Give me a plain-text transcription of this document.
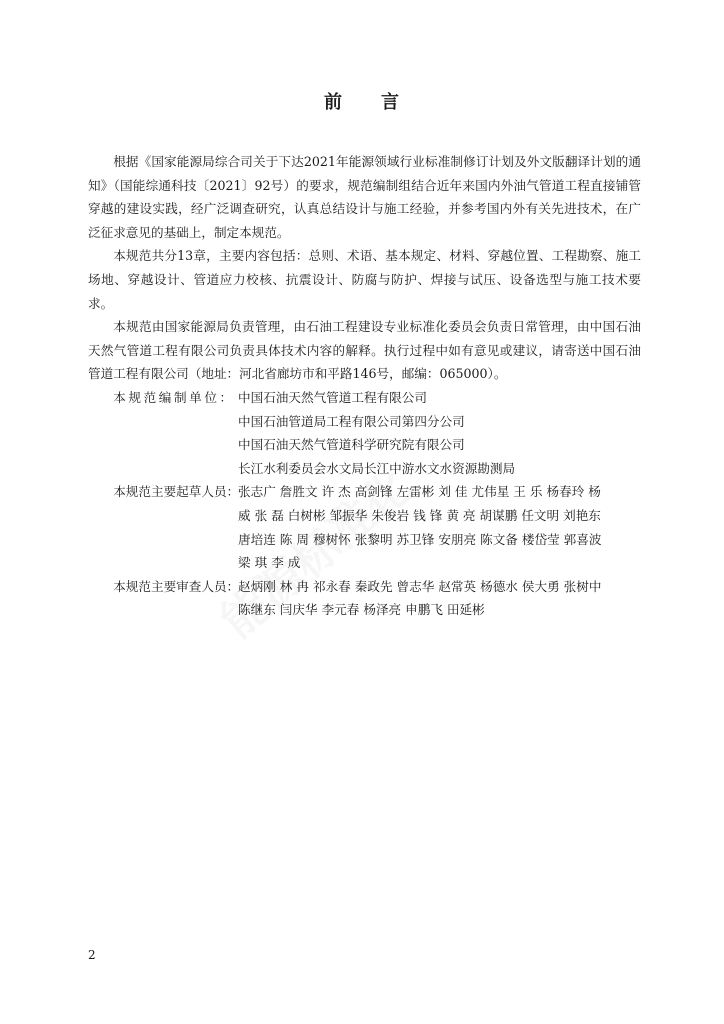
前 言

根据《国家能源局综合司关于下达2021年能源领域行业标准制修订计划及外文版翻译计划的通知》（国能综通科技〔2021〕92号）的要求，规范编制组结合近年来国内外油气管道工程直接铺管穿越的建设实践，经广泛调查研究，认真总结设计与施工经验，并参考国内外有关先进技术，在广泛征求意见的基础上，制定本规范。

本规范共分13章，主要内容包括：总则、术语、基本规定、材料、穿越位置、工程勘察、施工场地、穿越设计、管道应力校核、抗震设计、防腐与防护、焊接与试压、设备选型与施工技术要求。

本规范由国家能源局负责管理，由石油工程建设专业标准化委员会负责日常管理，由中国石油天然气管道工程有限公司负责具体技术内容的解释。执行过程中如有意见或建议，请寄送中国石油管道工程有限公司（地址：河北省廊坊市和平路146号，邮编：065000）。

本规范编制单位： 中国石油天然气管道工程有限公司
中国石油管道局工程有限公司第四分公司
中国石油天然气管道科学研究院有限公司
长江水利委员会水文局长江中游水文水资源勘测局
本规范主要起草人员：
张志广 詹胜文 许 杰 高剑锋 左雷彬 刘 佳 尤伟星 王 乐 杨春玲 杨
威 张 磊 白树彬 邹振华 朱俊岩 钱 锋 黄 亮 胡谋鹏 任文明 刘艳东
唐培连 陈 周 穆树怀 张黎明 苏卫锋 安朋亮 陈文备 楼岱莹 郭喜波
梁 琪 李 成
本规范主要审查人员：
赵炳刚 林 冉 祁永春 秦政先 曾志华 赵常英 杨德水 侯大勇 张树中
陈继东 闫庆华 李元春 杨泽亮 申鹏飞 田延彬
2
